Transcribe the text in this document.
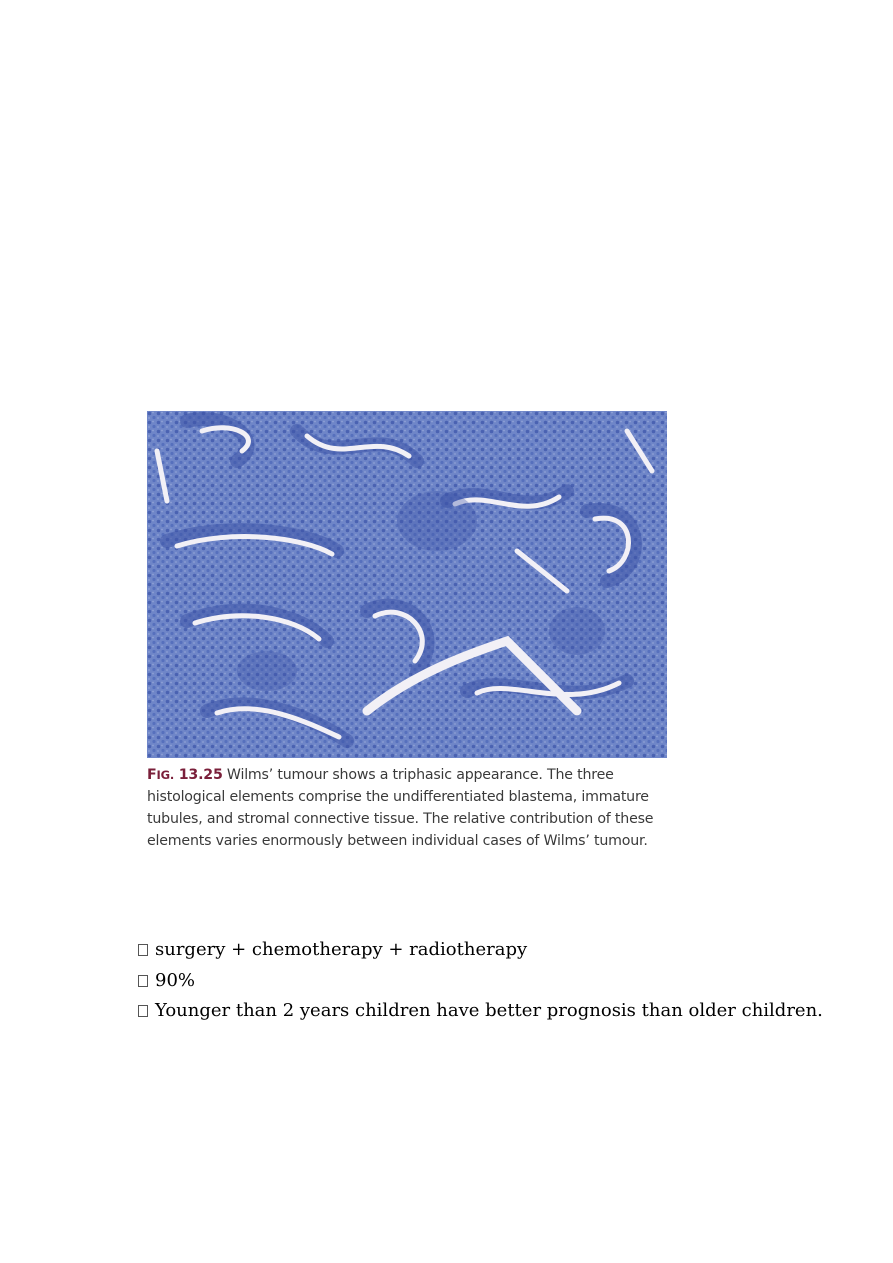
FIG. 13.25 Wilms’ tumour shows a triphasic appearance. The three histological elements comprise the undifferentiated blastema, immature tubules, and stromal connective tissue. The relative contribution of these elements varies enormously between individual cases of Wilms’ tumour.
surgery + chemotherapy + radiotherapy
90%
Younger than 2 years children have better prognosis than older children.
